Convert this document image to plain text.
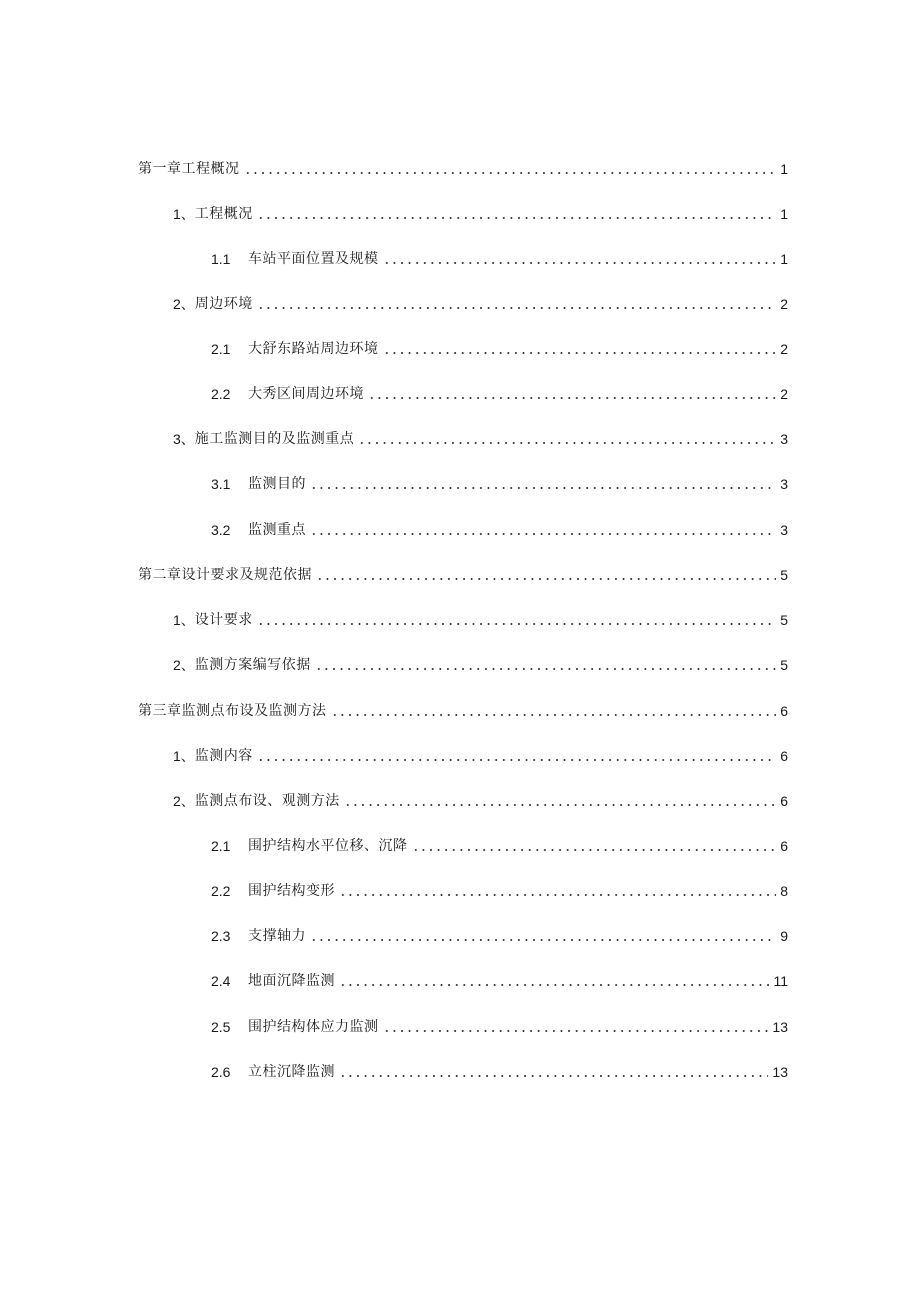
第一章工程概况	1
1、 工程概况	1
1.1	车站平面位置及规模	1
2、 周边环境	2
2.1	大舒东路站周边环境	2
2.2	大秀区间周边环境	2
3、 施工监测目的及监测重点	3
3.1	监测目的	3
3.2	监测重点	3
第二章设计要求及规范依据	5
1、 设计要求	5
2、 监测方案编写依据	5
第三章监测点布设及监测方法	6
1、 监测内容	6
2、 监测点布设、观测方法	6
2.1	围护结构水平位移、沉降	6
2.2	围护结构变形	8
2.3	支撑轴力	9
2.4	地面沉降监测	11
2.5	围护结构体应力监测	13
2.6	立柱沉降监测	13
